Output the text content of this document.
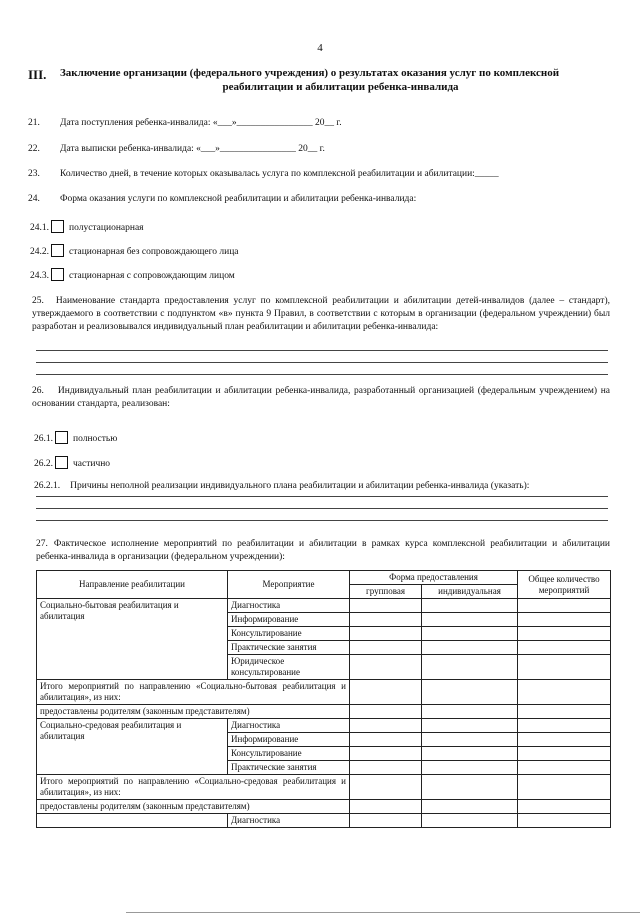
4
III.	Заключение организации (федерального учреждения) о результатах оказания услуг по комплексной
реабилитации и абилитации ребенка-инвалида
21. Дата поступления ребенка-инвалида: «___»________________ 20__ г.
22. Дата выписки ребенка-инвалида: «___»________________ 20__ г.
23. Количество дней, в течение которых оказывалась услуга по комплексной реабилитации и абилитации:_____
24. Форма оказания услуги по комплексной реабилитации и абилитации ребенка-инвалида:
24.1. полустационарная
24.2. стационарная без сопровождающего лица
24.3. стационарная с сопровождающим лицом
25. Наименование стандарта предоставления услуг по комплексной реабилитации и абилитации детей-инвалидов (далее – стандарт), утверждаемого в соответствии с подпунктом «в» пункта 9 Правил, в соответствии с которым в организации (федеральном учреждении) был разработан и реализовывался индивидуальный план реабилитации и абилитации ребенка-инвалида:
26. Индивидуальный план реабилитации и абилитации ребенка-инвалида, разработанный организацией (федеральным учреждением) на основании стандарта, реализован:
26.1. полностью
26.2. частично
26.2.1. Причины неполной реализации индивидуального плана реабилитации и абилитации ребенка-инвалида (указать):
27. Фактическое исполнение мероприятий по реабилитации и абилитации в рамках курса комплексной реабилитации и абилитации ребенка-инвалида в организации (федеральном учреждении):
Направление реабилитации	Мероприятие	Форма предоставления		Общее количество мероприятий
		групповая	индивидуальная	
Социально-бытовая реабилитация и абилитация	Диагностика			
	Информирование			
	Консультирование			
	Практические занятия			
	Юридическое консультирование			
Итого мероприятий по направлению «Социально-бытовая реабилитация и абилитация», из них:				
предоставлены родителям (законным представителям)				
Социально-средовая реабилитация и абилитация	Диагностика			
	Информирование			
	Консультирование			
	Практические занятия			
Итого мероприятий по направлению «Социально-средовая реабилитация и абилитация», из них:				
предоставлены родителям (законным представителям)				
	Диагностика			
